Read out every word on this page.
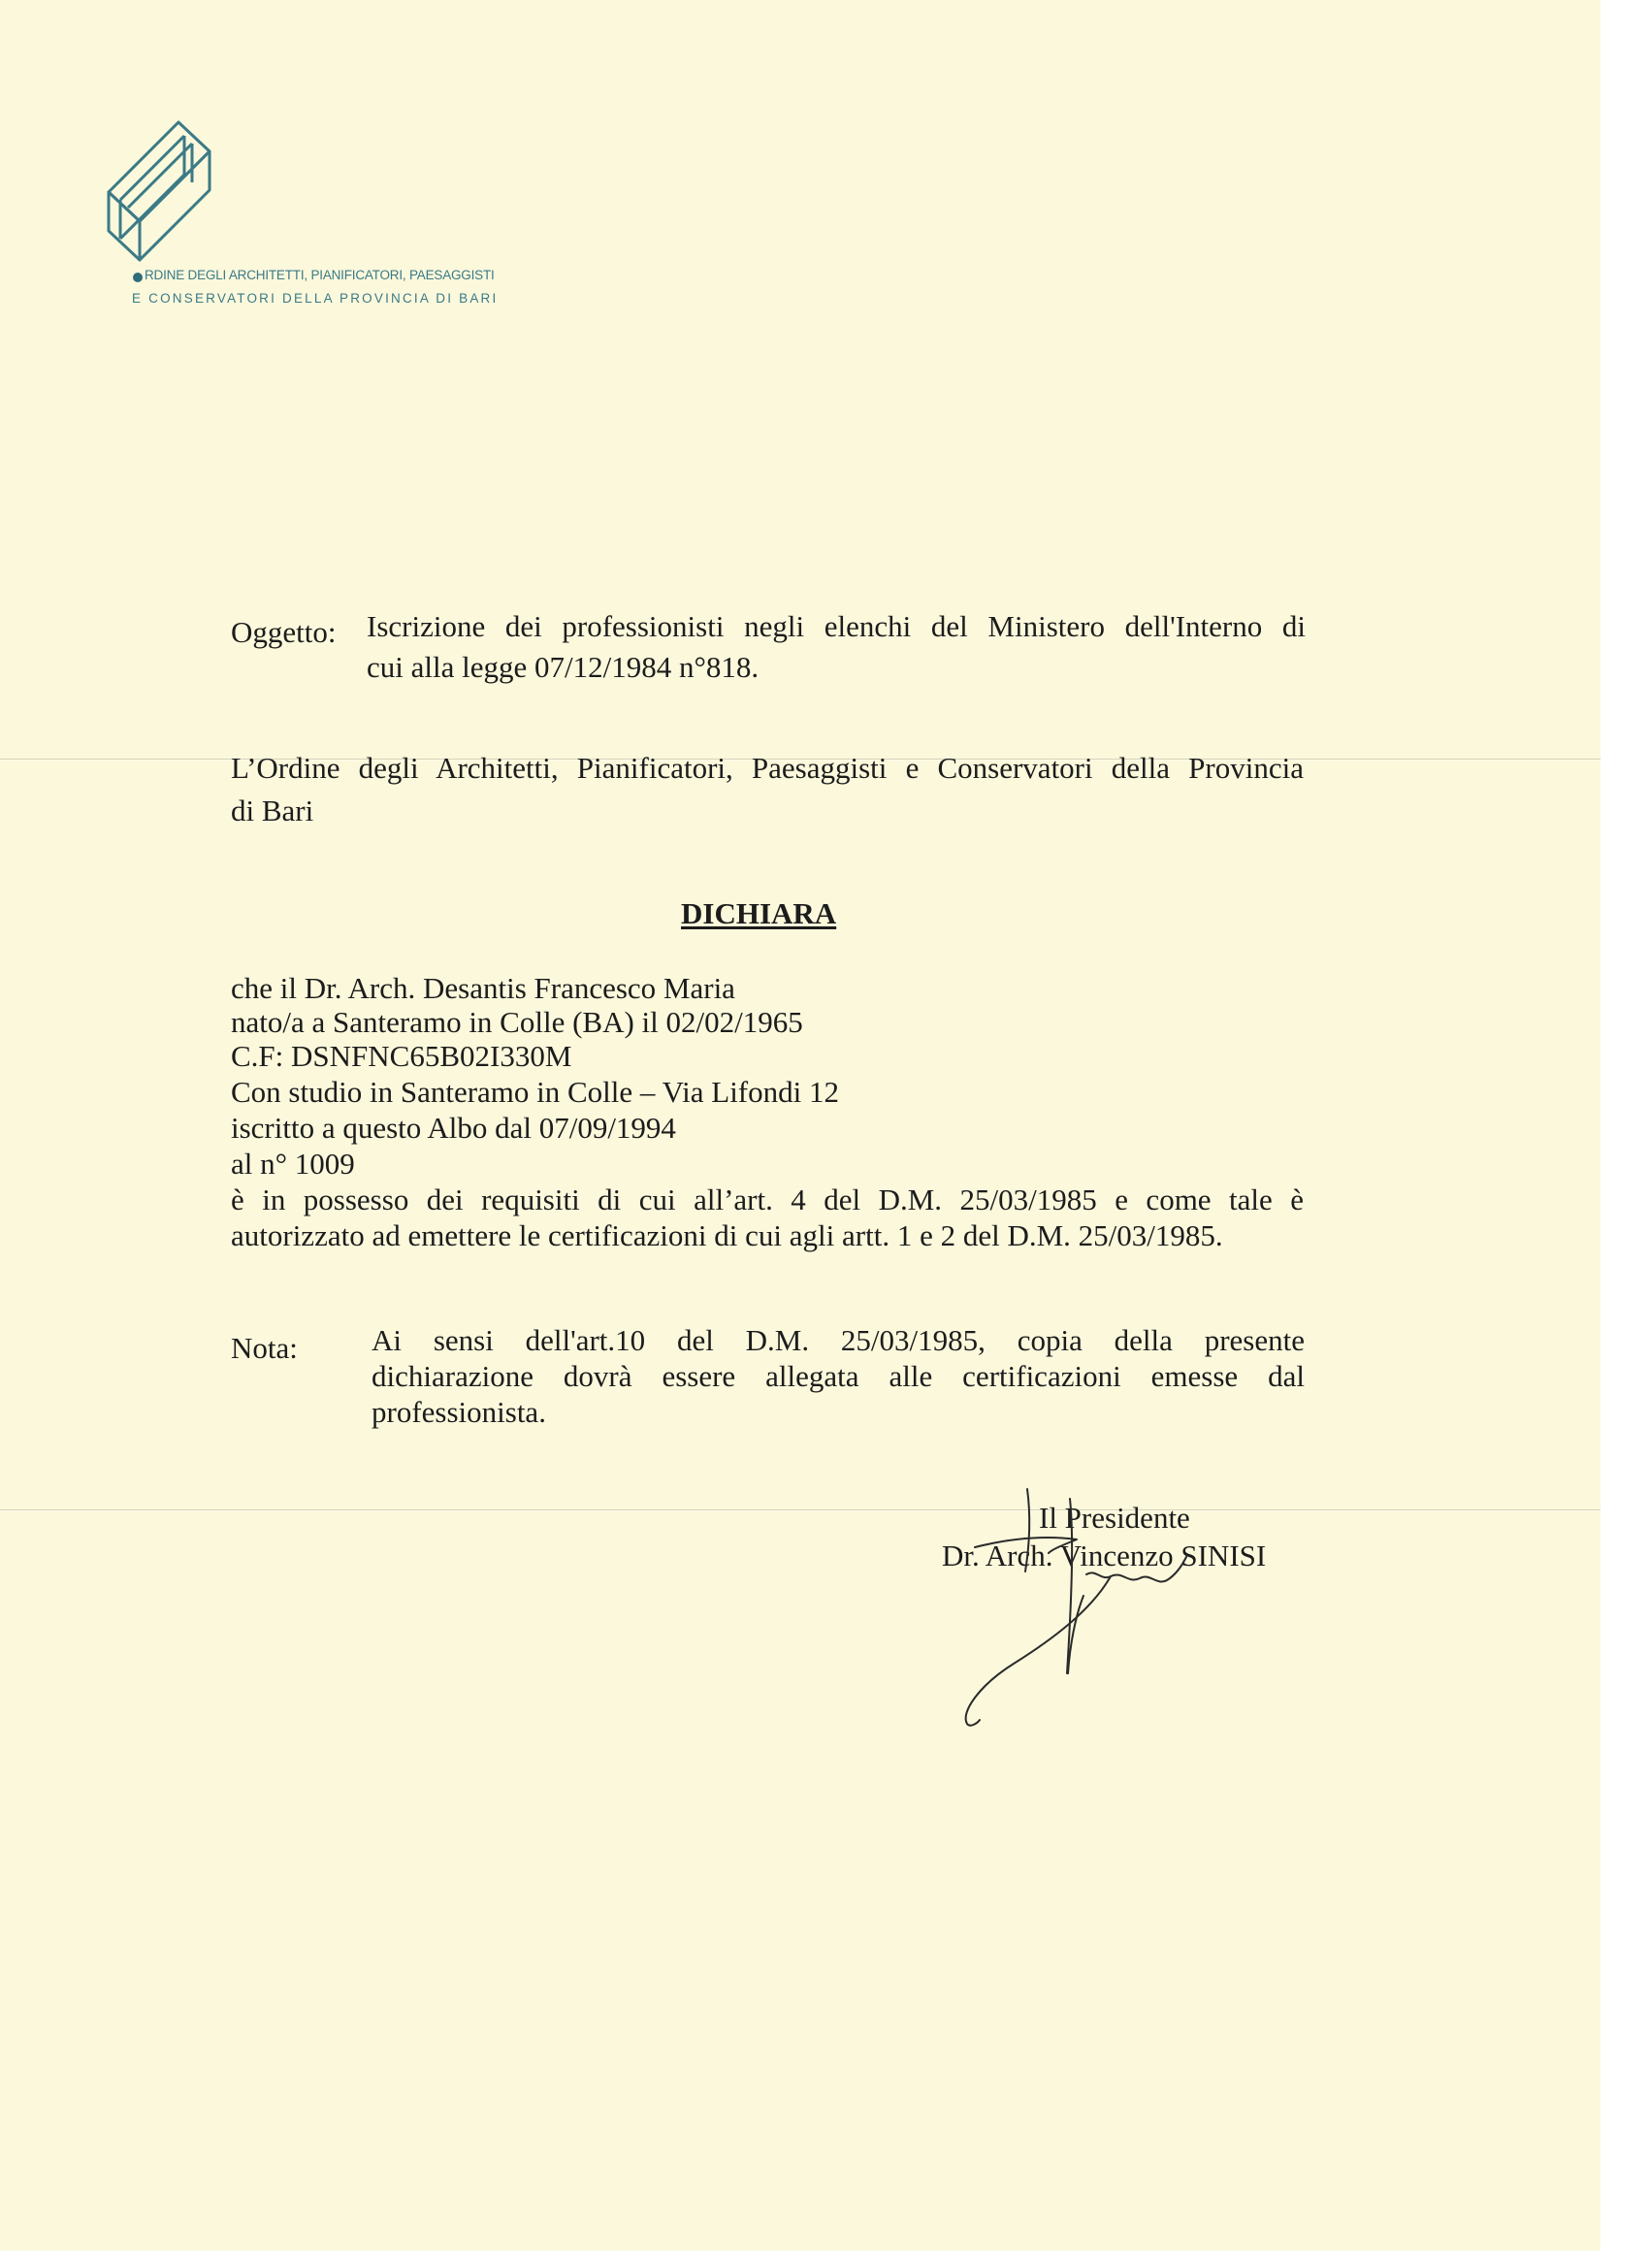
RDINE DEGLI ARCHITETTI, PIANIFICATORI, PAESAGGISTI
E CONSERVATORI DELLA PROVINCIA DI BARI
Oggetto: Iscrizione dei professionisti negli elenchi del Ministero dell'Interno di
cui alla legge 07/12/1984 n°818.
L’Ordine degli Architetti, Pianificatori, Paesaggisti e Conservatori della Provincia
di Bari
DICHIARA
che il Dr. Arch. Desantis Francesco Maria
nato/a a Santeramo in Colle (BA) il 02/02/1965
C.F: DSNFNC65B02I330M
Con studio in Santeramo in Colle – Via Lifondi 12
iscritto a questo Albo dal 07/09/1994
al n° 1009
è in possesso dei requisiti di cui all’art. 4 del D.M. 25/03/1985 e come tale è
autorizzato ad emettere le certificazioni di cui agli artt. 1 e 2 del D.M. 25/03/1985.
Nota: Ai sensi dell'art.10 del D.M. 25/03/1985, copia della presente
dichiarazione dovrà essere allegata alle certificazioni emesse dal
professionista.
Il Presidente
Dr. Arch. Vincenzo SINISI
